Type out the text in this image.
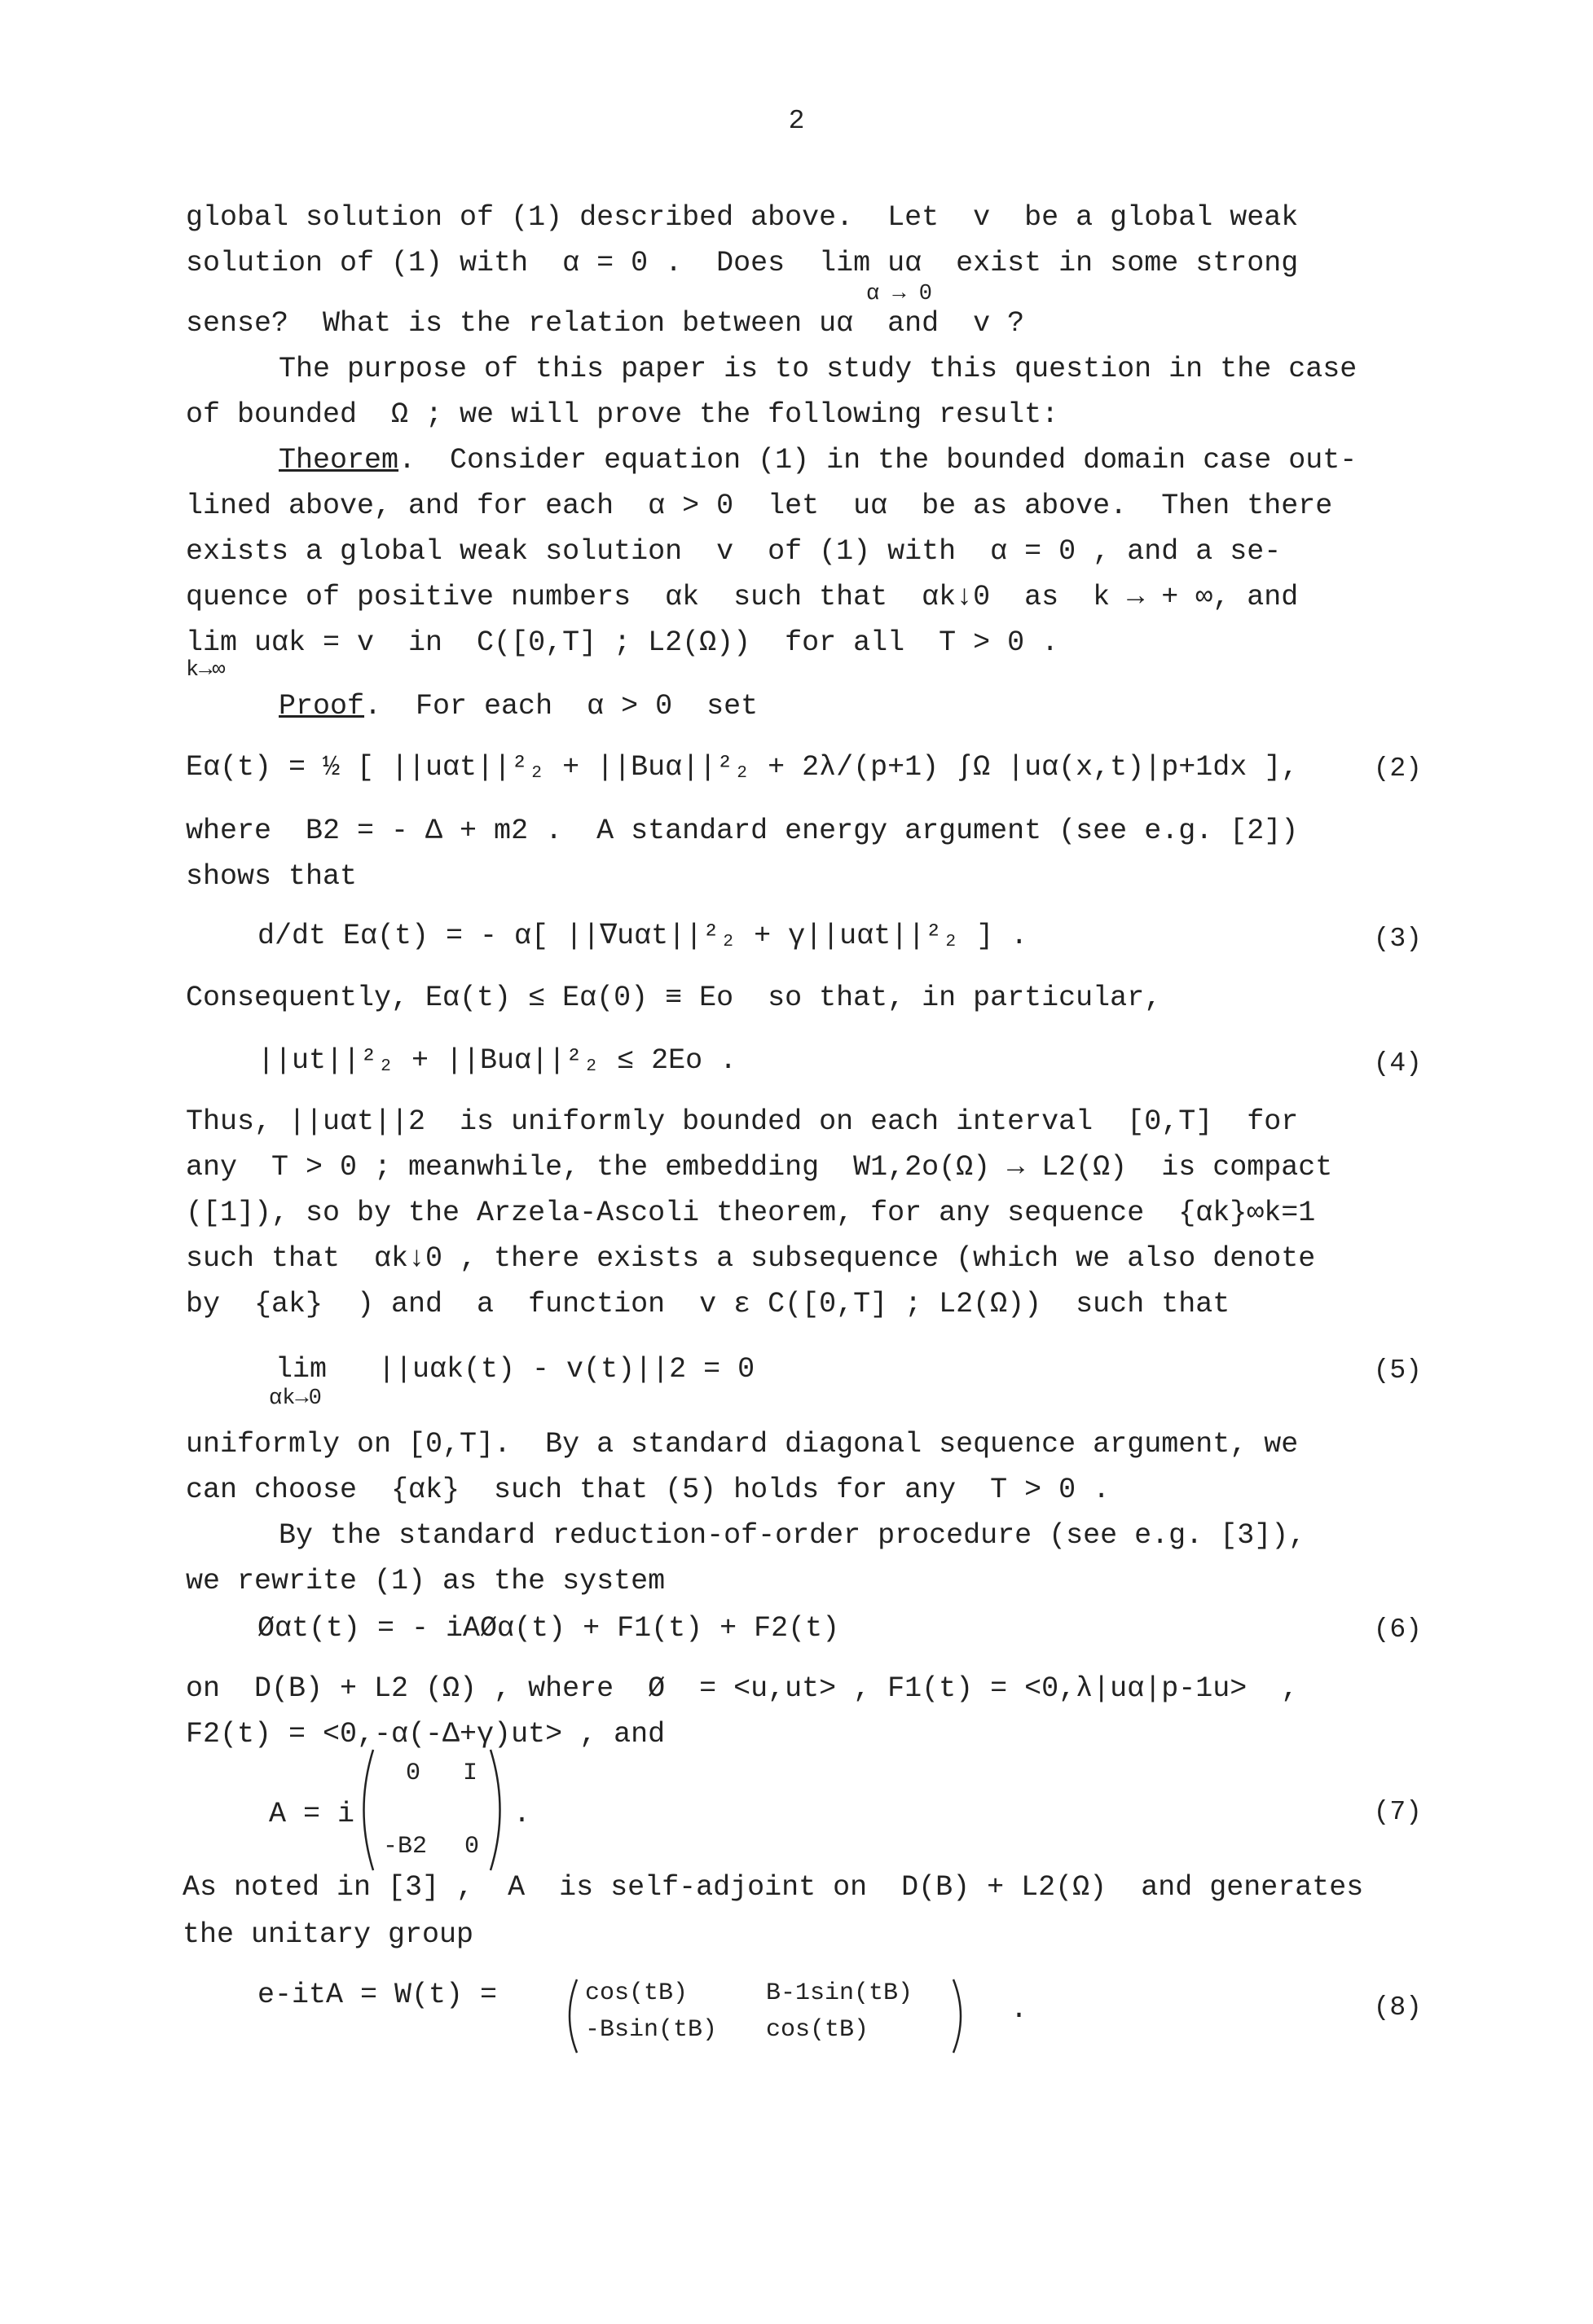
2
global solution of (1) described above.  Let  v  be a global weak
solution of (1) with  α = 0 .  Does  lim uα  exist in some strong
α → 0
sense?  What is the relation between uα  and  v ?
The purpose of this paper is to study this question in the case
of bounded  Ω ; we will prove the following result:
Theorem.  Consider equation (1) in the bounded domain case out-
lined above, and for each  α > 0  let  uα  be as above.  Then there
exists a global weak solution  v  of (1) with  α = 0 , and a se-
quence of positive numbers  αk  such that  αk↓0  as  k → + ∞, and
lim uαk = v  in  C([0,T] ; L2(Ω))  for all  T > 0 .
k→∞
Proof.  For each  α > 0  set
Eα(t) = ½ [ ||uαt||²₂ + ||Buα||²₂ + 2λ/(p+1) ∫Ω |uα(x,t)|p+1dx ],	(2)
where  B2 = - Δ + m2 .  A standard energy argument (see e.g. [2])
shows that
d/dt Eα(t) = - α[ ||∇uαt||²₂ + γ||uαt||²₂ ] .	(3)
Consequently, Eα(t) ≤ Eα(0) ≡ Eo  so that, in particular,
||ut||²₂ + ||Buα||²₂ ≤ 2Eo .	(4)
Thus, ||uαt||2  is uniformly bounded on each interval  [0,T]  for
any  T > 0 ; meanwhile, the embedding  W1,2o(Ω) → L2(Ω)  is compact
([1]), so by the Arzela-Ascoli theorem, for any sequence  {αk}∞k=1
such that  αk↓0 , there exists a subsequence (which we also denote
by  {ak}  ) and  a  function  v ε C([0,T] ; L2(Ω))  such that
lim   ||uαk(t) - v(t)||2 = 0
αk→0
(5)
uniformly on [0,T].  By a standard diagonal sequence argument, we
can choose  {αk}  such that (5) holds for any  T > 0 .
By the standard reduction-of-order procedure (see e.g. [3]),
we rewrite (1) as the system
Øαt(t) = - iAØα(t) + F1(t) + F2(t)	(6)
on  D(B) + L2 (Ω) , where  Ø  = <u,ut> , F1(t) = <0,λ|uα|p-1u>  ,
F2(t) = <0,-α(-Δ+γ)ut> , and
A = i
0 I
-B2 0
.	(7)
As noted in [3] ,  A  is self-adjoint on  D(B) + L2(Ω)  and generates
the unitary group
e-itA = W(t) =	cos(tB)	B-1sin(tB)
-Bsin(tB) cos(tB)
.	(8)
